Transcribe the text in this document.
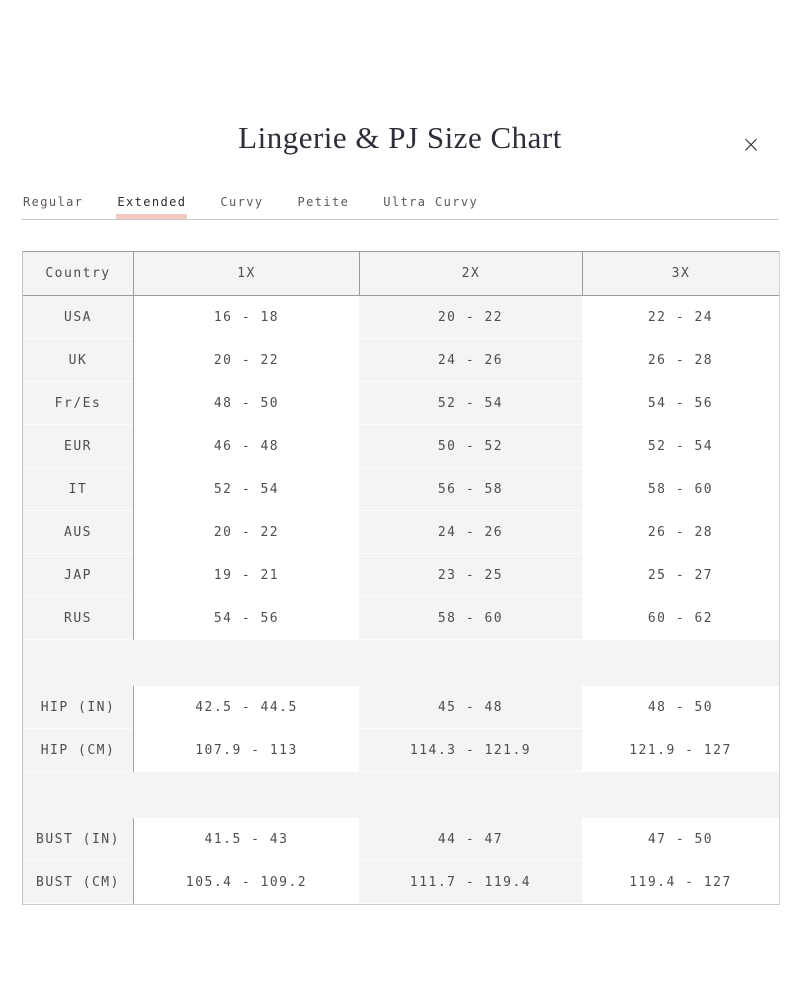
Lingerie & PJ Size Chart	×
Regular	Extended	Curvy	Petite	Ultra Curvy
Country	1X	2X	3X
USA	16 - 18	20 - 22	22 - 24
UK	20 - 22	24 - 26	26 - 28
Fr/Es	48 - 50	52 - 54	54 - 56
EUR	46 - 48	50 - 52	52 - 54
IT	52 - 54	56 - 58	58 - 60
AUS	20 - 22	24 - 26	26 - 28
JAP	19 - 21	23 - 25	25 - 27
RUS	54 - 56	58 - 60	60 - 62
HIP (IN)	42.5 - 44.5	45 - 48	48 - 50
HIP (CM)	107.9 - 113	114.3 - 121.9	121.9 - 127
BUST (IN)	41.5 - 43	44 - 47	47 - 50
BUST (CM)	105.4 - 109.2	111.7 - 119.4	119.4 - 127
